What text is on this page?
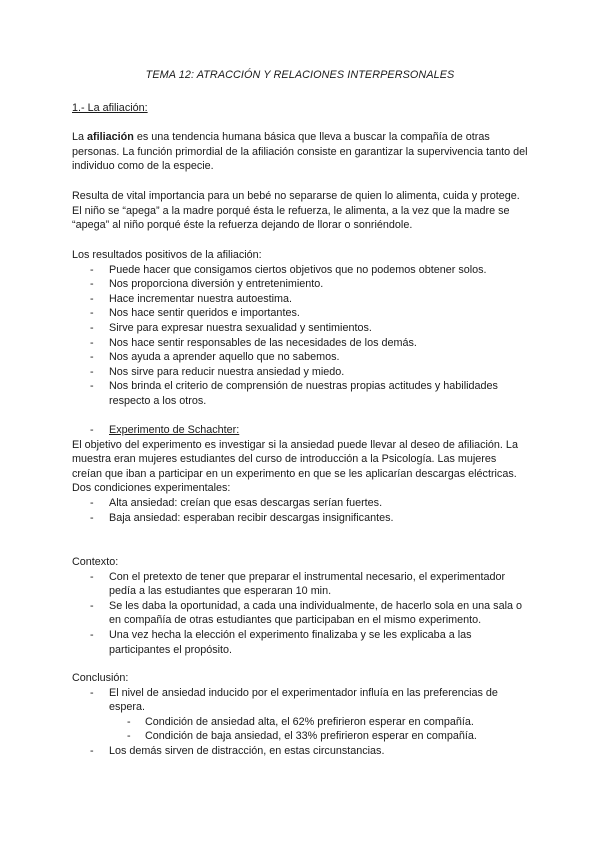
TEMA 12: ATRACCIÓN Y RELACIONES INTERPERSONALES
1.- La afiliación:

La afiliación es una tendencia humana básica que lleva a buscar la compañía de otras personas. La función primordial de la afiliación consiste en garantizar la supervivencia tanto del individuo como de la especie.

Resulta de vital importancia para un bebé no separarse de quien lo alimenta, cuida y protege. El niño se “apega” a la madre porqué ésta le refuerza, le alimenta, a la vez que la madre se “apega” al niño porqué éste la refuerza dejando de llorar o sonriéndole.

Los resultados positivos de la afiliación:

- Puede hacer que consigamos ciertos objetivos que no podemos obtener solos.
- Nos proporciona diversión y entretenimiento.
- Hace incrementar nuestra autoestima.
- Nos hace sentir queridos e importantes.
- Sirve para expresar nuestra sexualidad y sentimientos.
- Nos hace sentir responsables de las necesidades de los demás.
- Nos ayuda a aprender aquello que no sabemos.
- Nos sirve para reducir nuestra ansiedad y miedo.
- Nos brinda el criterio de comprensión de nuestras propias actitudes y habilidades respecto a los otros.
- Experimento de Schachter:

El objetivo del experimento es investigar si la ansiedad puede llevar al deseo de afiliación. La muestra eran mujeres estudiantes del curso de introducción a la Psicología. Las mujeres creían que iban a participar en un experimento en que se les aplicarían descargas eléctricas.

Dos condiciones experimentales:

- Alta ansiedad: creían que esas descargas serían fuertes.
- Baja ansiedad: esperaban recibir descargas insignificantes.

Contexto:

- Con el pretexto de tener que preparar el instrumental necesario, el experimentador pedía a las estudiantes que esperaran 10 min.
- Se les daba la oportunidad, a cada una individualmente, de hacerlo sola en una sala o en compañía de otras estudiantes que participaban en el mismo experimento.
- Una vez hecha la elección el experimento finalizaba y se les explicaba a las participantes el propósito.

Conclusión:

- El nivel de ansiedad inducido por el experimentador influía en las preferencias de espera.
- Condición de ansiedad alta, el 62% prefirieron esperar en compañía.
- Condición de baja ansiedad, el 33% prefirieron esperar en compañía.
- Los demás sirven de distracción, en estas circunstancias.
